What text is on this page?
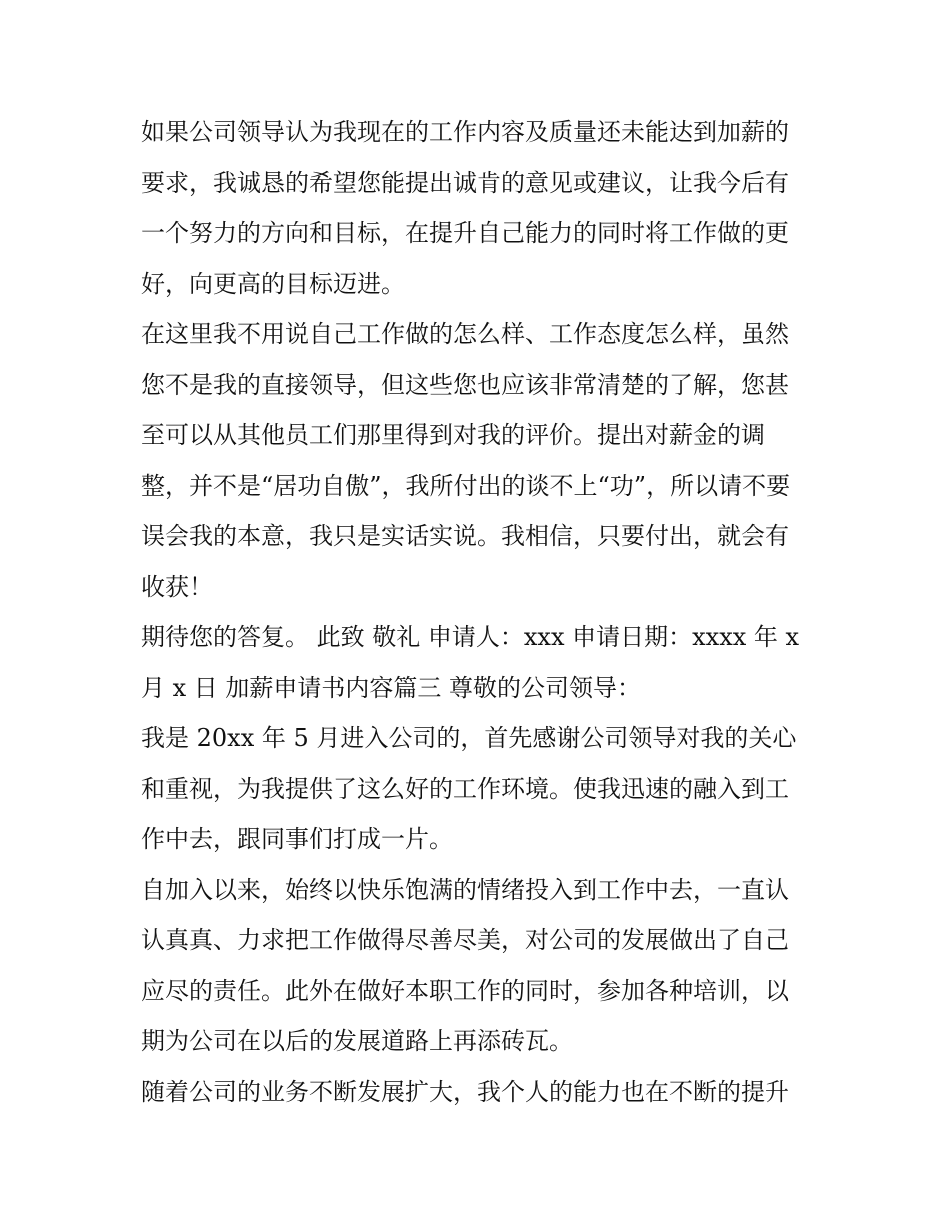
如果公司领导认为我现在的工作内容及质量还未能达到加薪的
要求，我诚恳的希望您能提出诚肯的意见或建议，让我今后有
一个努力的方向和目标，在提升自己能力的同时将工作做的更
好，向更高的目标迈进。
在这里我不用说自己工作做的怎么样、工作态度怎么样，虽然
您不是我的直接领导，但这些您也应该非常清楚的了解，您甚
至可以从其他员工们那里得到对我的评价。提出对薪金的调
整，并不是“居功自傲”，我所付出的谈不上“功”，所以请不要
误会我的本意，我只是实话实说。我相信，只要付出，就会有
收获！
期待您的答复。 此致 敬礼 申请人：xxx 申请日期：xxxx 年 x
月 x 日 加薪申请书内容篇三 尊敬的公司领导：
我是 20xx 年 5 月进入公司的，首先感谢公司领导对我的关心
和重视，为我提供了这么好的工作环境。使我迅速的融入到工
作中去，跟同事们打成一片。
自加入以来，始终以快乐饱满的情绪投入到工作中去，一直认
认真真、力求把工作做得尽善尽美，对公司的发展做出了自己
应尽的责任。此外在做好本职工作的同时，参加各种培训，以
期为公司在以后的发展道路上再添砖瓦。
随着公司的业务不断发展扩大，我个人的能力也在不断的提升
